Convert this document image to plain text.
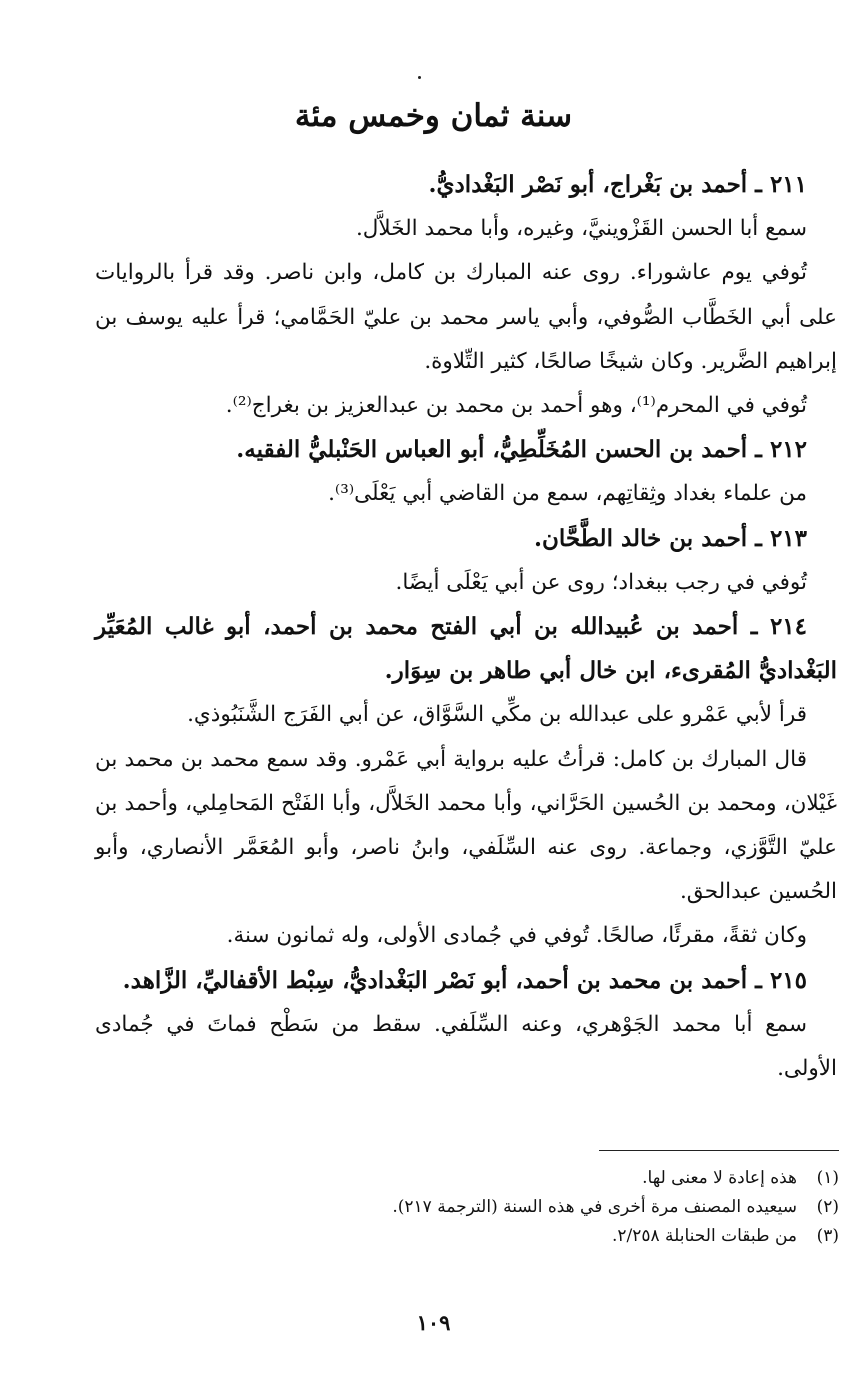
سنة ثمان وخمس مئة

٢١١ ـ أحمد بن بَغْراج، أبو نَصْر البَغْداديُّ.

سمع أبا الحسن القَزْوينيَّ، وغيره، وأبا محمد الخَلاَّل.

تُوفي يوم عاشوراء. روى عنه المبارك بن كامل، وابن ناصر. وقد قرأ بالروايات على أبي الخَطَّاب الصُّوفي، وأبي ياسر محمد بن عليّ الحَمَّامي؛ قرأ عليه يوسف بن إبراهيم الضَّرير. وكان شيخًا صالحًا، كثير التِّلاوة.

تُوفي في المحرم⁽¹⁾، وهو أحمد بن محمد بن عبدالعزيز بن بغراج⁽²⁾.

٢١٢ ـ أحمد بن الحسن المُخَلِّطِيُّ، أبو العباس الحَنْبليُّ الفقيه.

من علماء بغداد وثِقاتِهم، سمع من القاضي أبي يَعْلَى⁽³⁾.

٢١٣ ـ أحمد بن خالد الطَّحَّان.

تُوفي في رجب ببغداد؛ روى عن أبي يَعْلَى أيضًا.

٢١٤ ـ أحمد بن عُبيدالله بن أبي الفتح محمد بن أحمد، أبو غالب المُعَيِّر البَغْداديُّ المُقرىء، ابن خال أبي طاهر بن سِوَار.

قرأ لأبي عَمْرو على عبدالله بن مكِّي السَّوَّاق، عن أبي الفَرَج الشَّنَبُوذي.

قال المبارك بن كامل: قرأتُ عليه برواية أبي عَمْرو. وقد سمع محمد بن محمد بن غَيْلان، ومحمد بن الحُسين الحَرَّاني، وأبا محمد الخَلاَّل، وأبا الفَتْح المَحامِلي، وأحمد بن عليّ التَّوَّزي، وجماعة. روى عنه السِّلَفي، وابنُ ناصر، وأبو المُعَمَّر الأنصاري، وأبو الحُسين عبدالحق.

وكان ثقةً، مقرئًا، صالحًا. تُوفي في جُمادى الأولى، وله ثمانون سنة.

٢١٥ ـ أحمد بن محمد بن أحمد، أبو نَصْر البَغْداديُّ، سِبْط الأقفاليِّ، الزَّاهد.

سمع أبا محمد الجَوْهري، وعنه السِّلَفي. سقط من سَطْح فماتَ في جُمادى الأولى.

(١)
هذه إعادة لا معنى لها.
(٢)
سيعيده المصنف مرة أخرى في هذه السنة (الترجمة ٢١٧).
(٣)
من طبقات الحنابلة ٢/٢٥٨.
١٠٩
